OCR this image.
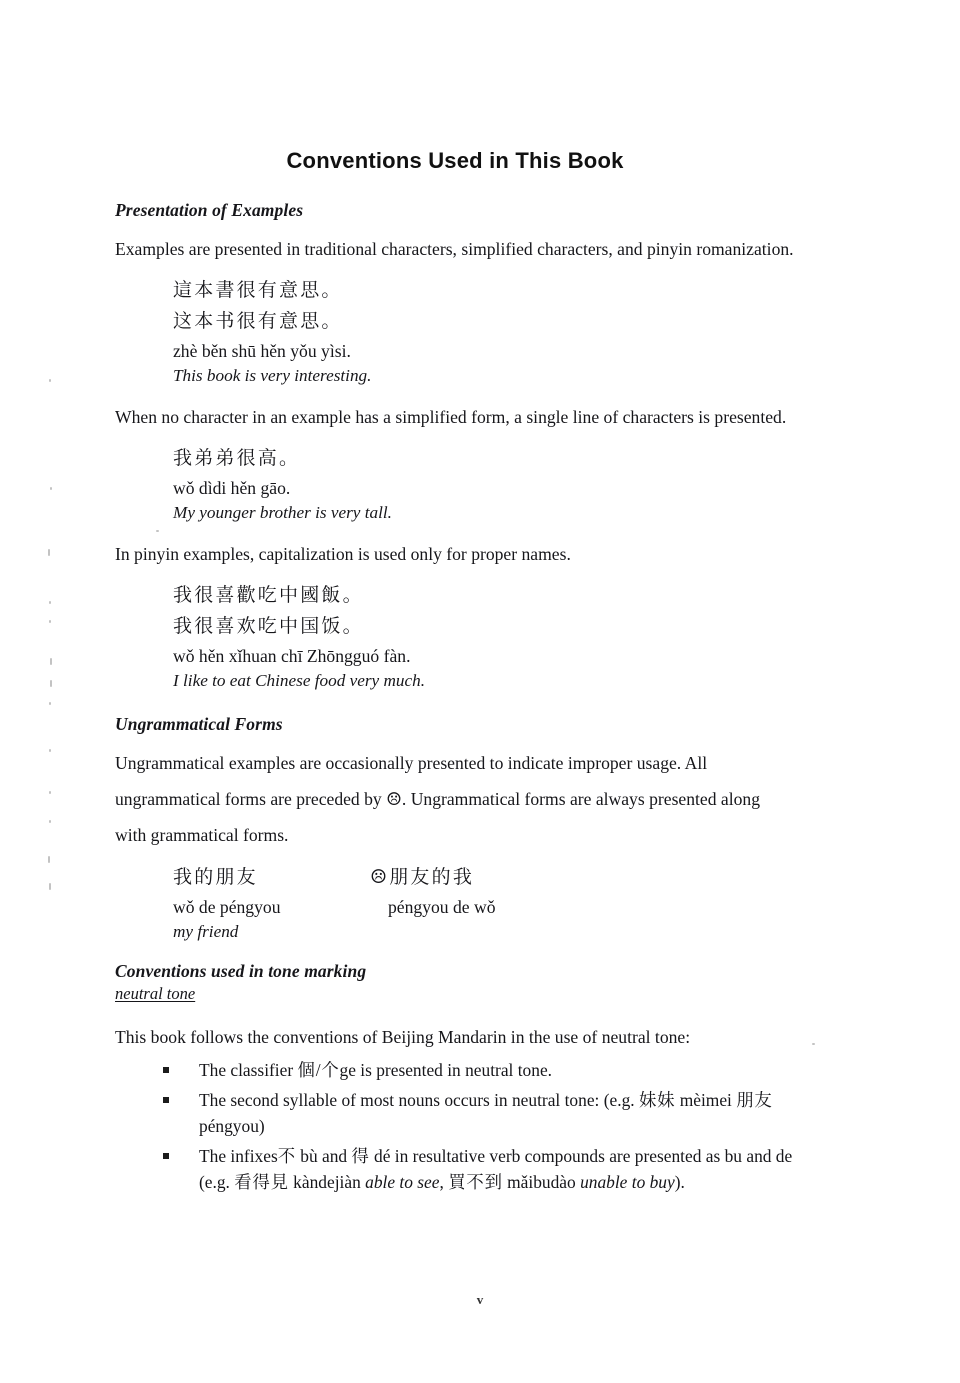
Conventions Used in This Book
Presentation of Examples

Examples are presented in traditional characters, simplified characters, and pinyin romanization.

這本書很有意思。
这本书很有意思。
zhè běn shū hěn yǒu yìsi.
This book is very interesting.

When no character in an example has a simplified form, a single line of characters is presented.

我弟弟很高。
wǒ dìdi hěn gāo.
My younger brother is very tall.

In pinyin examples, capitalization is used only for proper names.

我很喜歡吃中國飯。
我很喜欢吃中国饭。
wǒ hěn xǐhuan chī Zhōngguó fàn.
I like to eat Chinese food very much.
Ungrammatical Forms

Ungrammatical examples are occasionally presented to indicate improper usage. All ungrammatical forms are preceded by ☹. Ungrammatical forms are always presented along with grammatical forms.

我的朋友
wǒ de péngyou
my friend
☹朋友的我
péngyou de wǒ
Conventions used in tone marking
neutral tone

This book follows the conventions of Beijing Mandarin in the use of neutral tone:

The classifier 個/个ge is presented in neutral tone.
The second syllable of most nouns occurs in neutral tone: (e.g. 妹妹 mèimei 朋友 péngyou)
The infixes不 bù and 得 dé in resultative verb compounds are presented as bu and de (e.g. 看得見 kàndejiàn able to see, 買不到 mǎibudào unable to buy).
v
